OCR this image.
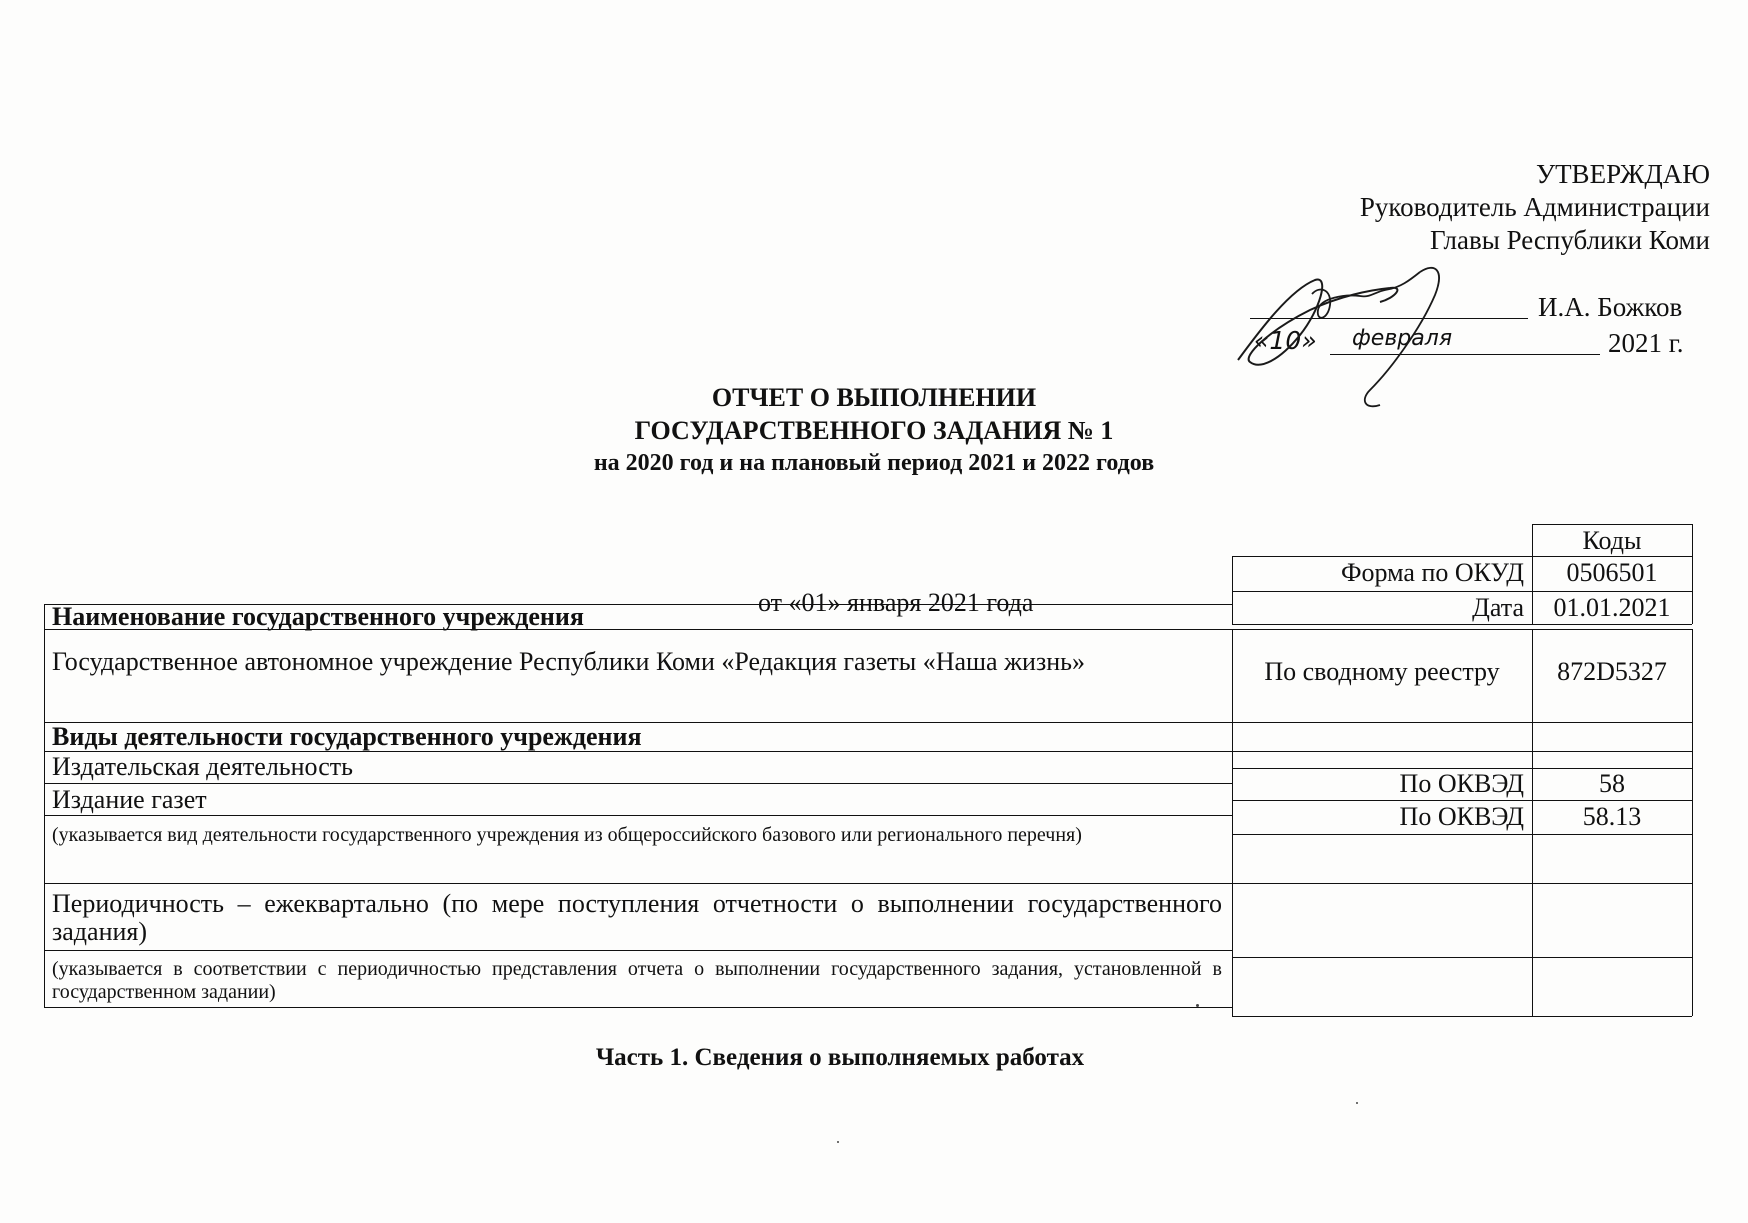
УТВЕРЖДАЮ
Руководитель Администрации
Главы Республики Коми
И.А. Божков
«10» февраля	2021 г.
ОТЧЕТ О ВЫПОЛНЕНИИ
ГОСУДАРСТВЕННОГО ЗАДАНИЯ № 1
на 2020 год и на плановый период 2021 и 2022 годов
от «01» января 2021 года
Коды
Форма по ОКУД	0506501
Дата	01.01.2021
Наименование государственного учреждения
Государственное автономное учреждение Республики Коми «Редакция газеты «Наша жизнь»	По сводному реестру	872D5327
Виды деятельности государственного учреждения
Издательская деятельность
По ОКВЭД	58
Издание газет
По ОКВЭД	58.13
(указывается вид деятельности государственного учреждения из общероссийского базового или регионального перечня)
Периодичность – ежеквартально (по мере поступления отчетности о выполнении государственного задания)
(указывается в соответствии с периодичностью представления отчета о выполнении государственного задания, установленной в государственном задании)
Часть 1. Сведения о выполняемых работах
